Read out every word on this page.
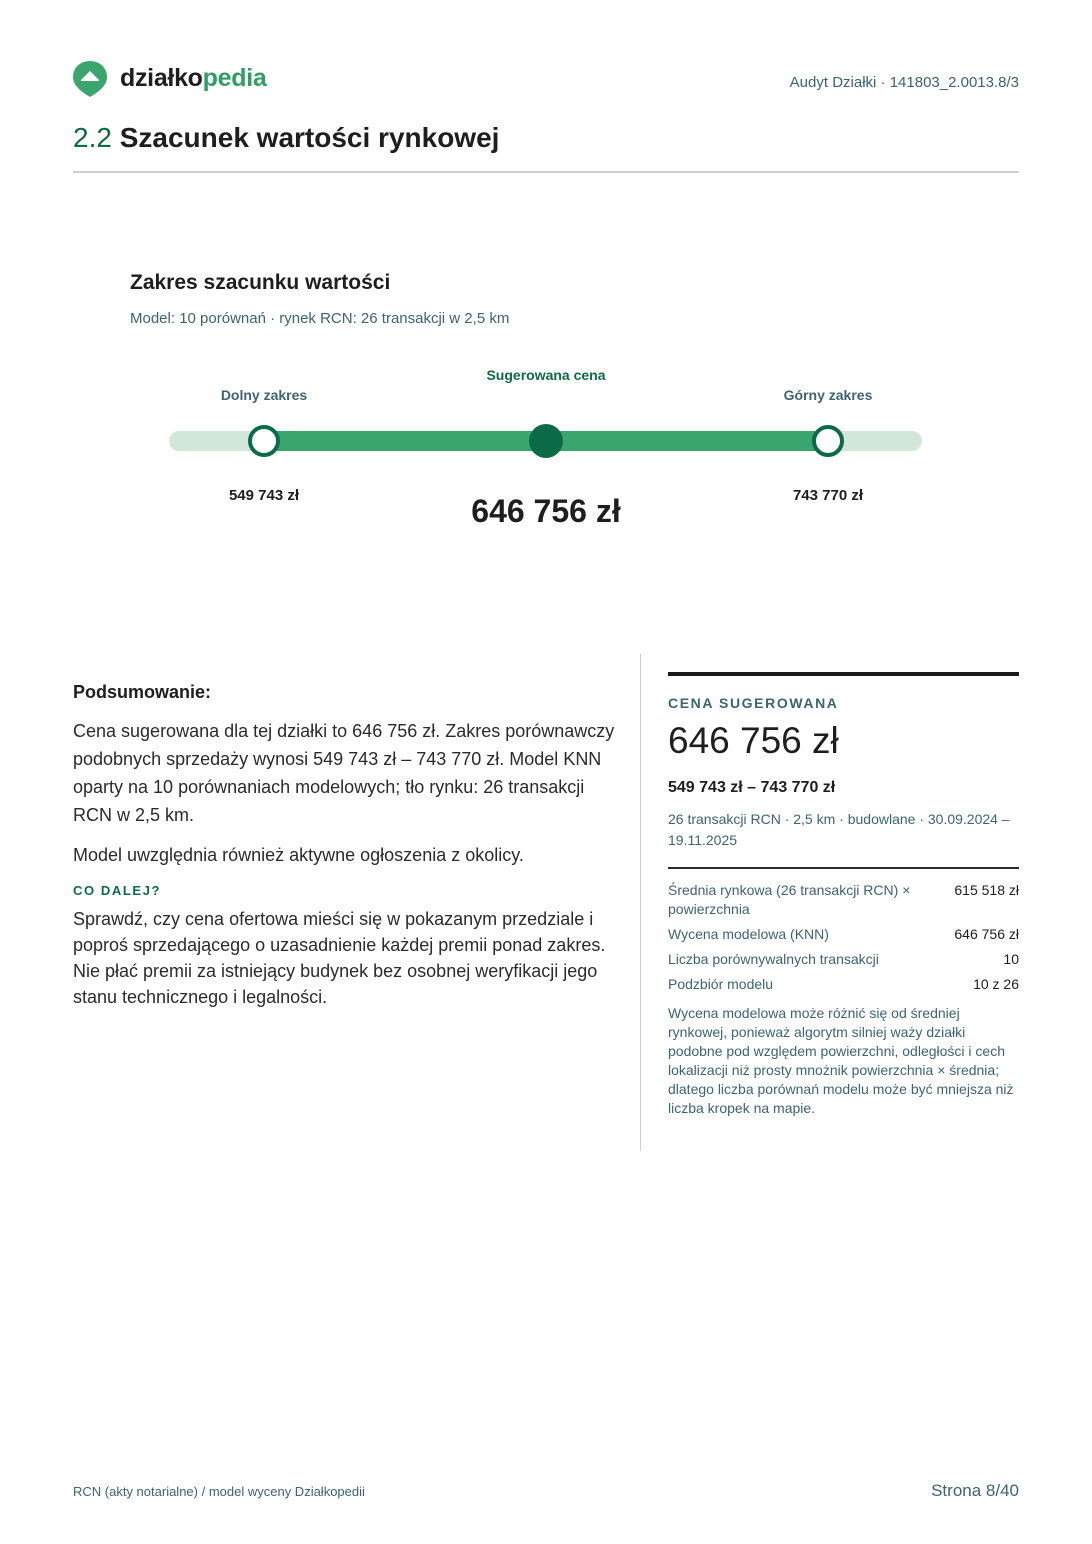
działkopedia	Audyt Działki · 141803_2.0013.8/3
2.2 Szacunek wartości rynkowej
Zakres szacunku wartości
Model: 10 porównań · rynek RCN: 26 transakcji w 2,5 km
Sugerowana cena
Dolny zakres	Górny zakres
549 743 zł	743 770 zł
646 756 zł
Podsumowanie:

Cena sugerowana dla tej działki to 646 756 zł. Zakres porównawczy podobnych sprzedaży wynosi 549 743 zł – 743 770 zł. Model KNN oparty na 10 porównaniach modelowych; tło rynku: 26 transakcji RCN w 2,5 km.

Model uwzględnia również aktywne ogłoszenia z okolicy.

CO DALEJ?

Sprawdź, czy cena ofertowa mieści się w pokazanym przedziale i poproś sprzedającego o uzasadnienie każdej premii ponad zakres.
Nie płać premii za istniejący budynek bez osobnej weryfikacji jego stanu technicznego i legalności.

CENA SUGEROWANA
646 756 zł
549 743 zł – 743 770 zł
26 transakcji RCN · 2,5 km · budowlane · 30.09.2024 – 19.11.2025
Średnia rynkowa (26 transakcji RCN) × powierzchnia
615 518 zł
Wycena modelowa (KNN)	646 756 zł
Liczba porównywalnych transakcji	10
Podzbiór modelu	10 z 26

Wycena modelowa może różnić się od średniej rynkowej, ponieważ algorytm silniej waży działki podobne pod względem powierzchni, odległości i cech lokalizacji niż prosty mnożnik powierzchnia × średnia; dlatego liczba porównań modelu może być mniejsza niż liczba kropek na mapie.

RCN (akty notarialne) / model wyceny Działkopedii	Strona 8/40
